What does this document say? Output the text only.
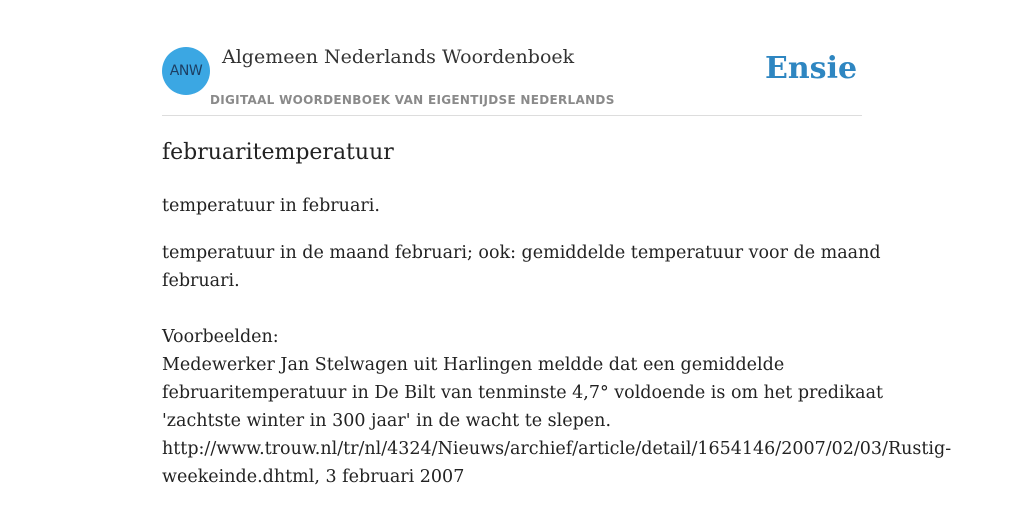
ANW
Algemeen Nederlands Woordenboek
DIGITAAL WOORDENBOEK VAN EIGENTIJDSE NEDERLANDS
Ensie
februaritemperatuur
temperatuur in februari.
temperatuur in de maand februari; ook: gemiddelde temperatuur voor de maand
februari.
Voorbeelden:
Medewerker Jan Stelwagen uit Harlingen meldde dat een gemiddelde
februaritemperatuur in De Bilt van tenminste 4,7° voldoende is om het predikaat
'zachtste winter in 300 jaar' in de wacht te slepen.
http://www.trouw.nl/tr/nl/4324/Nieuws/archief/article/detail/1654146/2007/02/03/Rustig-
weekeinde.dhtml, 3 februari 2007
